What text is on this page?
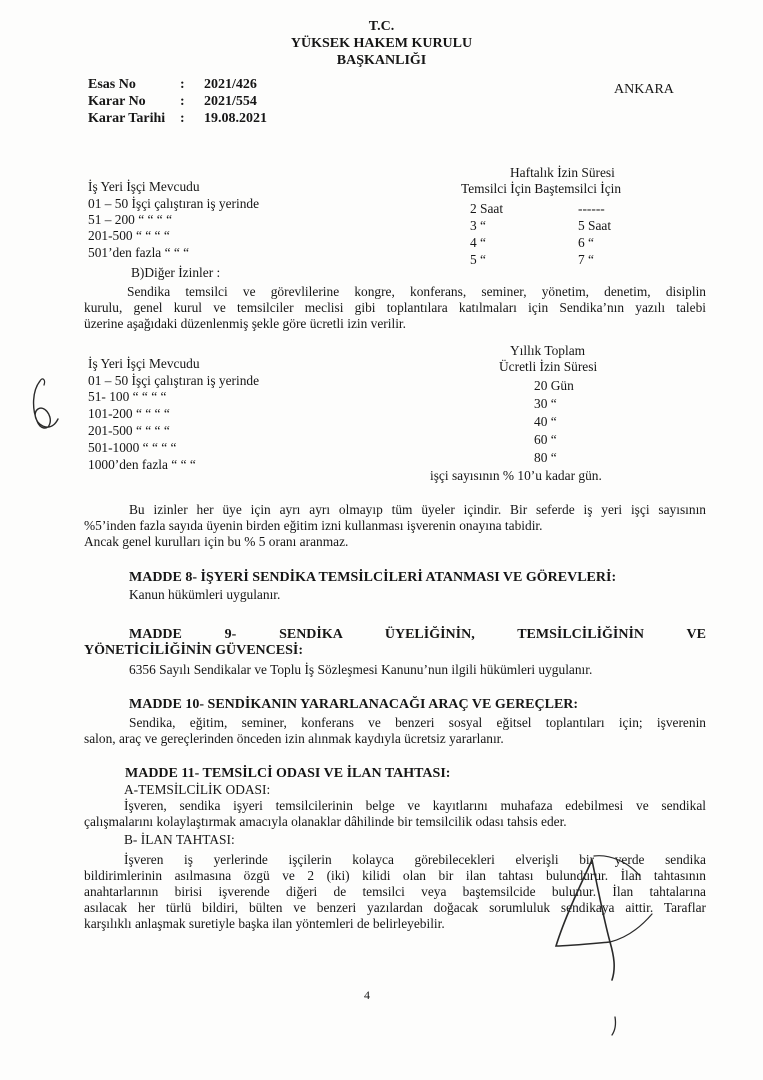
T.C.
YÜKSEK HAKEM KURULU
BAŞKANLIĞI
ANKARA
Esas No	: 2021/426
Karar No : 2021/554
Karar Tarihi : 19.08.2021
Haftalık İzin Süresi
Temsilci İçin Baştemsilci İçin
İş Yeri İşçi Mevcudu
01 – 50 İşçi çalıştıran iş yerinde
51 – 200 “ “ “ “
201-500 “ “ “ “
501’den fazla “ “ “
2 Saat
3 “
4 “
5 “
------
5 Saat
6 “
7 “
B)Diğer İzinler :
Sendika temsilci ve görevlilerine kongre, konferans, seminer, yönetim, denetim, disiplin
kurulu, genel kurul ve temsilciler meclisi gibi toplantılara katılmaları için Sendika’nın yazılı talebi
üzerine aşağıdaki düzenlenmiş şekle göre ücretli izin verilir.
Yıllık Toplam
Ücretli İzin Süresi
İş Yeri İşçi Mevcudu
01 – 50 İşçi çalıştıran iş yerinde
51- 100 “ “ “ “
101-200 “ “ “ “
201-500 “ “ “ “
501-1000 “ “ “ “
1000’den fazla “ “ “
20 Gün
30 “
40 “
60 “
80 “
işçi sayısının % 10’u kadar gün.
Bu izinler her üye için ayrı ayrı olmayıp tüm üyeler içindir. Bir seferde iş yeri işçi sayısının
%5’inden fazla sayıda üyenin birden eğitim izni kullanması işverenin onayına tabidir.
Ancak genel kurulları için bu % 5 oranı aranmaz.
MADDE 8- İŞYERİ SENDİKA TEMSİLCİLERİ ATANMASI VE GÖREVLERİ:
Kanun hükümleri uygulanır.
MADDE 9- SENDİKA ÜYELİĞİNİN, TEMSİLCİLİĞİNİN VE
YÖNETİCİLİĞİNİN GÜVENCESİ:
6356 Sayılı Sendikalar ve Toplu İş Sözleşmesi Kanunu’nun ilgili hükümleri uygulanır.
MADDE 10- SENDİKANIN YARARLANACAĞI ARAÇ VE GEREÇLER:
Sendika, eğitim, seminer, konferans ve benzeri sosyal eğitsel toplantıları için; işverenin
salon, araç ve gereçlerinden önceden izin alınmak kaydıyla ücretsiz yararlanır.
MADDE 11- TEMSİLCİ ODASI VE İLAN TAHTASI:
A-TEMSİLCİLİK ODASI:
İşveren, sendika işyeri temsilcilerinin belge ve kayıtlarını muhafaza edebilmesi ve sendikal
çalışmalarını kolaylaştırmak amacıyla olanaklar dâhilinde bir temsilcilik odası tahsis eder.
B- İLAN TAHTASI:
İşveren iş yerlerinde işçilerin kolayca görebilecekleri elverişli bir yerde sendika
bildirimlerinin asılmasına özgü ve 2 (iki) kilidi olan bir ilan tahtası bulundurur. İlan tahtasının
anahtarlarının birisi işverende diğeri de temsilci veya baştemsilcide bulunur. İlan tahtalarına
asılacak her türlü bildiri, bülten ve benzeri yazılardan doğacak sorumluluk sendikaya aittir. Taraflar
karşılıklı anlaşmak suretiyle başka ilan yöntemleri de belirleyebilir.
4
